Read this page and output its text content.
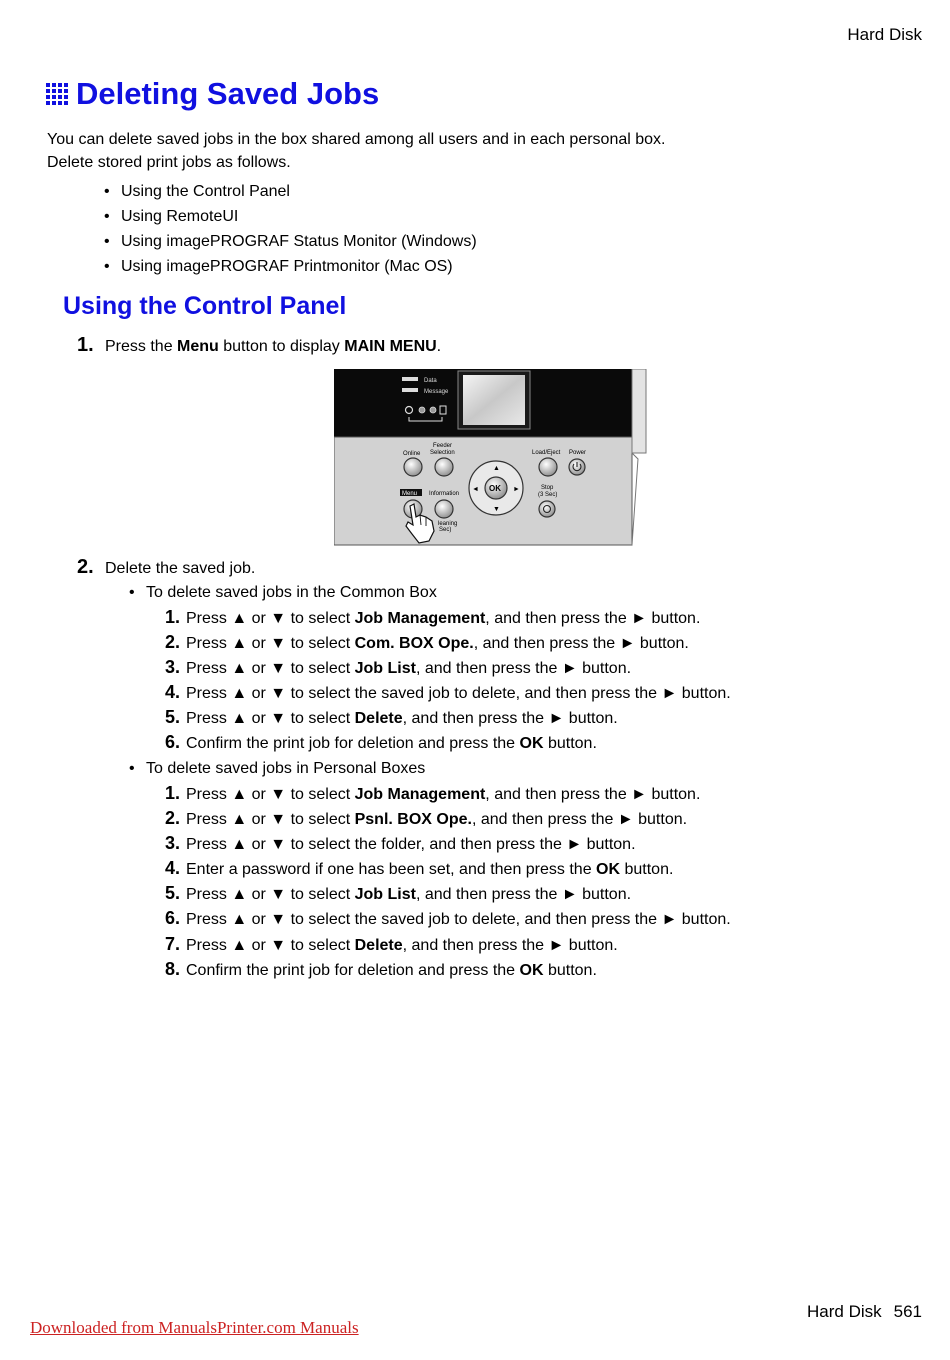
Hard Disk
Deleting Saved Jobs

You can delete saved jobs in the box shared among all users and in each personal box.

Delete stored print jobs as follows.

• Using the Control Panel
• Using RemoteUI
• Using imagePROGRAF Status Monitor (Windows)
• Using imagePROGRAF Printmonitor (Mac OS)
Using the Control Panel
1. Press the Menu button to display MAIN MENU.
Data
Message
Online
Feeder
Selection
OK
▲
▼
◄	►
Load/Eject Power
Stop
(3 Sec)
Menu Information
leaning
Sec)
2. Delete the saved job.
• To delete saved jobs in the Common Box
1. Press ▲ or ▼ to select Job Management, and then press the ► button.
2. Press ▲ or ▼ to select Com. BOX Ope., and then press the ► button.
3. Press ▲ or ▼ to select Job List, and then press the ► button.
4. Press ▲ or ▼ to select the saved job to delete, and then press the ► button.
5. Press ▲ or ▼ to select Delete, and then press the ► button.
6. Confirm the print job for deletion and press the OK button.
• To delete saved jobs in Personal Boxes
1. Press ▲ or ▼ to select Job Management, and then press the ► button.
2. Press ▲ or ▼ to select Psnl. BOX Ope., and then press the ► button.
3. Press ▲ or ▼ to select the folder, and then press the ► button.
4. Enter a password if one has been set, and then press the OK button.
5. Press ▲ or ▼ to select Job List, and then press the ► button.
6. Press ▲ or ▼ to select the saved job to delete, and then press the ► button.
7. Press ▲ or ▼ to select Delete, and then press the ► button.
8. Confirm the print job for deletion and press the OK button.
Hard Disk 561
Downloaded from ManualsPrinter.com Manuals
